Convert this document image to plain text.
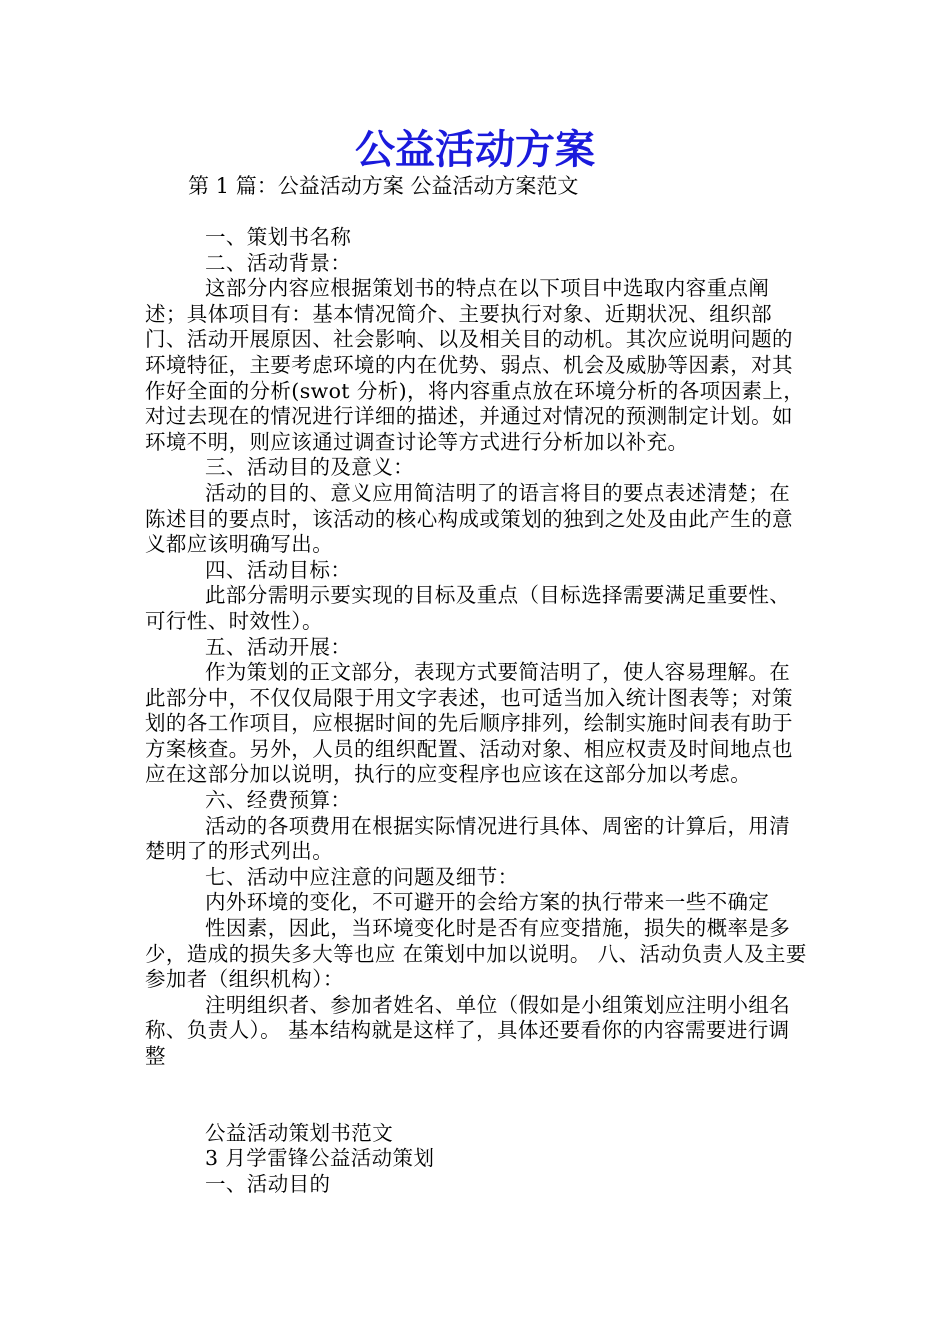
公益活动方案
第 1 篇：公益活动方案 公益活动方案范文

一、策划书名称

二、活动背景：

这部分内容应根据策划书的特点在以下项目中选取内容重点阐述；具体项目有：基本情况简介、主要执行对象、近期状况、组织部门、活动开展原因、社会影响、以及相关目的动机。其次应说明问题的环境特征，主要考虑环境的内在优势、弱点、机会及威胁等因素，对其作好全面的分析(swot 分析)，将内容重点放在环境分析的各项因素上，对过去现在的情况进行详细的描述，并通过对情况的预测制定计划。如环境不明，则应该通过调查讨论等方式进行分析加以补充。

三、活动目的及意义：

活动的目的、意义应用简洁明了的语言将目的要点表述清楚；在陈述目的要点时，该活动的核心构成或策划的独到之处及由此产生的意义都应该明确写出。

四、活动目标：

此部分需明示要实现的目标及重点（目标选择需要满足重要性、可行性、时效性）。

五、活动开展：

作为策划的正文部分，表现方式要简洁明了，使人容易理解。在此部分中，不仅仅局限于用文字表述，也可适当加入统计图表等；对策划的各工作项目，应根据时间的先后顺序排列，绘制实施时间表有助于方案核查。另外，人员的组织配置、活动对象、相应权责及时间地点也应在这部分加以说明，执行的应变程序也应该在这部分加以考虑。

六、经费预算：

活动的各项费用在根据实际情况进行具体、周密的计算后，用清楚明了的形式列出。

七、活动中应注意的问题及细节：

内外环境的变化，不可避开的会给方案的执行带来一些不确定

性因素，因此，当环境变化时是否有应变措施，损失的概率是多少，造成的损失多大等也应 在策划中加以说明。 八、活动负责人及主要参加者（组织机构）：

注明组织者、参加者姓名、单位（假如是小组策划应注明小组名称、负责人）。 基本结构就是这样了，具体还要看你的内容需要进行调整

公益活动策划书范文

3 月学雷锋公益活动策划

一、活动目的
